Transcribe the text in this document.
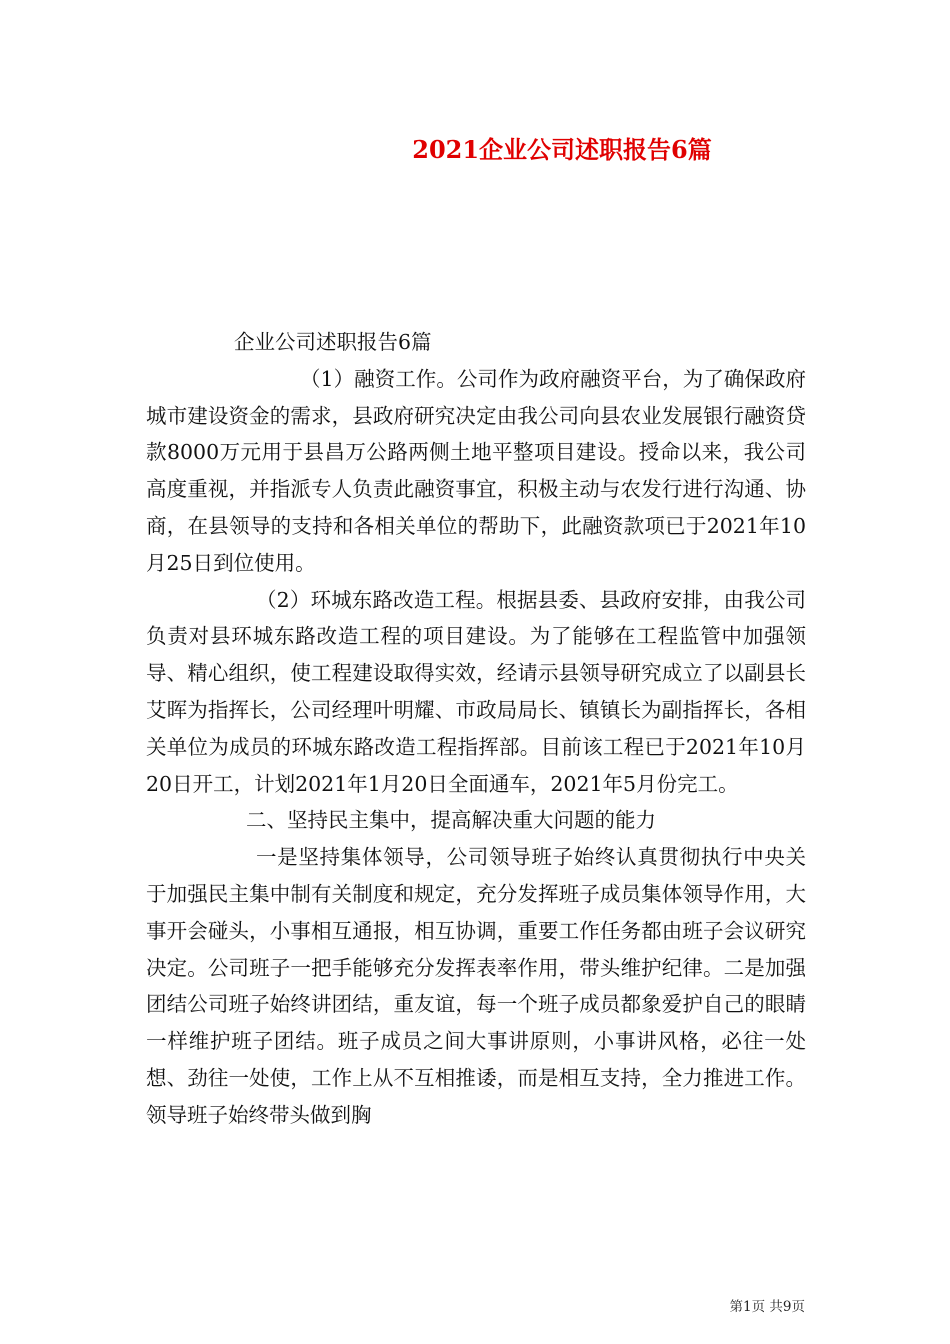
2021企业公司述职报告6篇

企业公司述职报告6篇

（1）融资工作。公司作为政府融资平台，为了确保政府城市建设资金的需求，县政府研究决定由我公司向县农业发展银行融资贷款8000万元用于县昌万公路两侧土地平整项目建设。授命以来，我公司高度重视，并指派专人负责此融资事宜，积极主动与农发行进行沟通、协商，在县领导的支持和各相关单位的帮助下，此融资款项已于2021年10月25日到位使用。

（2）环城东路改造工程。根据县委、县政府安排，由我公司负责对县环城东路改造工程的项目建设。为了能够在工程监管中加强领导、精心组织，使工程建设取得实效，经请示县领导研究成立了以副县长艾晖为指挥长，公司经理叶明耀、市政局局长、镇镇长为副指挥长，各相关单位为成员的环城东路改造工程指挥部。目前该工程已于2021年10月20日开工，计划2021年1月20日全面通车，2021年5月份完工。

二、坚持民主集中，提高解决重大问题的能力

一是坚持集体领导，公司领导班子始终认真贯彻执行中央关于加强民主集中制有关制度和规定，充分发挥班子成员集体领导作用，大事开会碰头，小事相互通报，相互协调，重要工作任务都由班子会议研究决定。公司班子一把手能够充分发挥表率作用，带头维护纪律。二是加强团结公司班子始终讲团结，重友谊，每一个班子成员都象爱护自己的眼睛一样维护班子团结。班子成员之间大事讲原则，小事讲风格，必往一处想、劲往一处使，工作上从不互相推诿，而是相互支持，全力推进工作。领导班子始终带头做到胸

第1页 共9页
